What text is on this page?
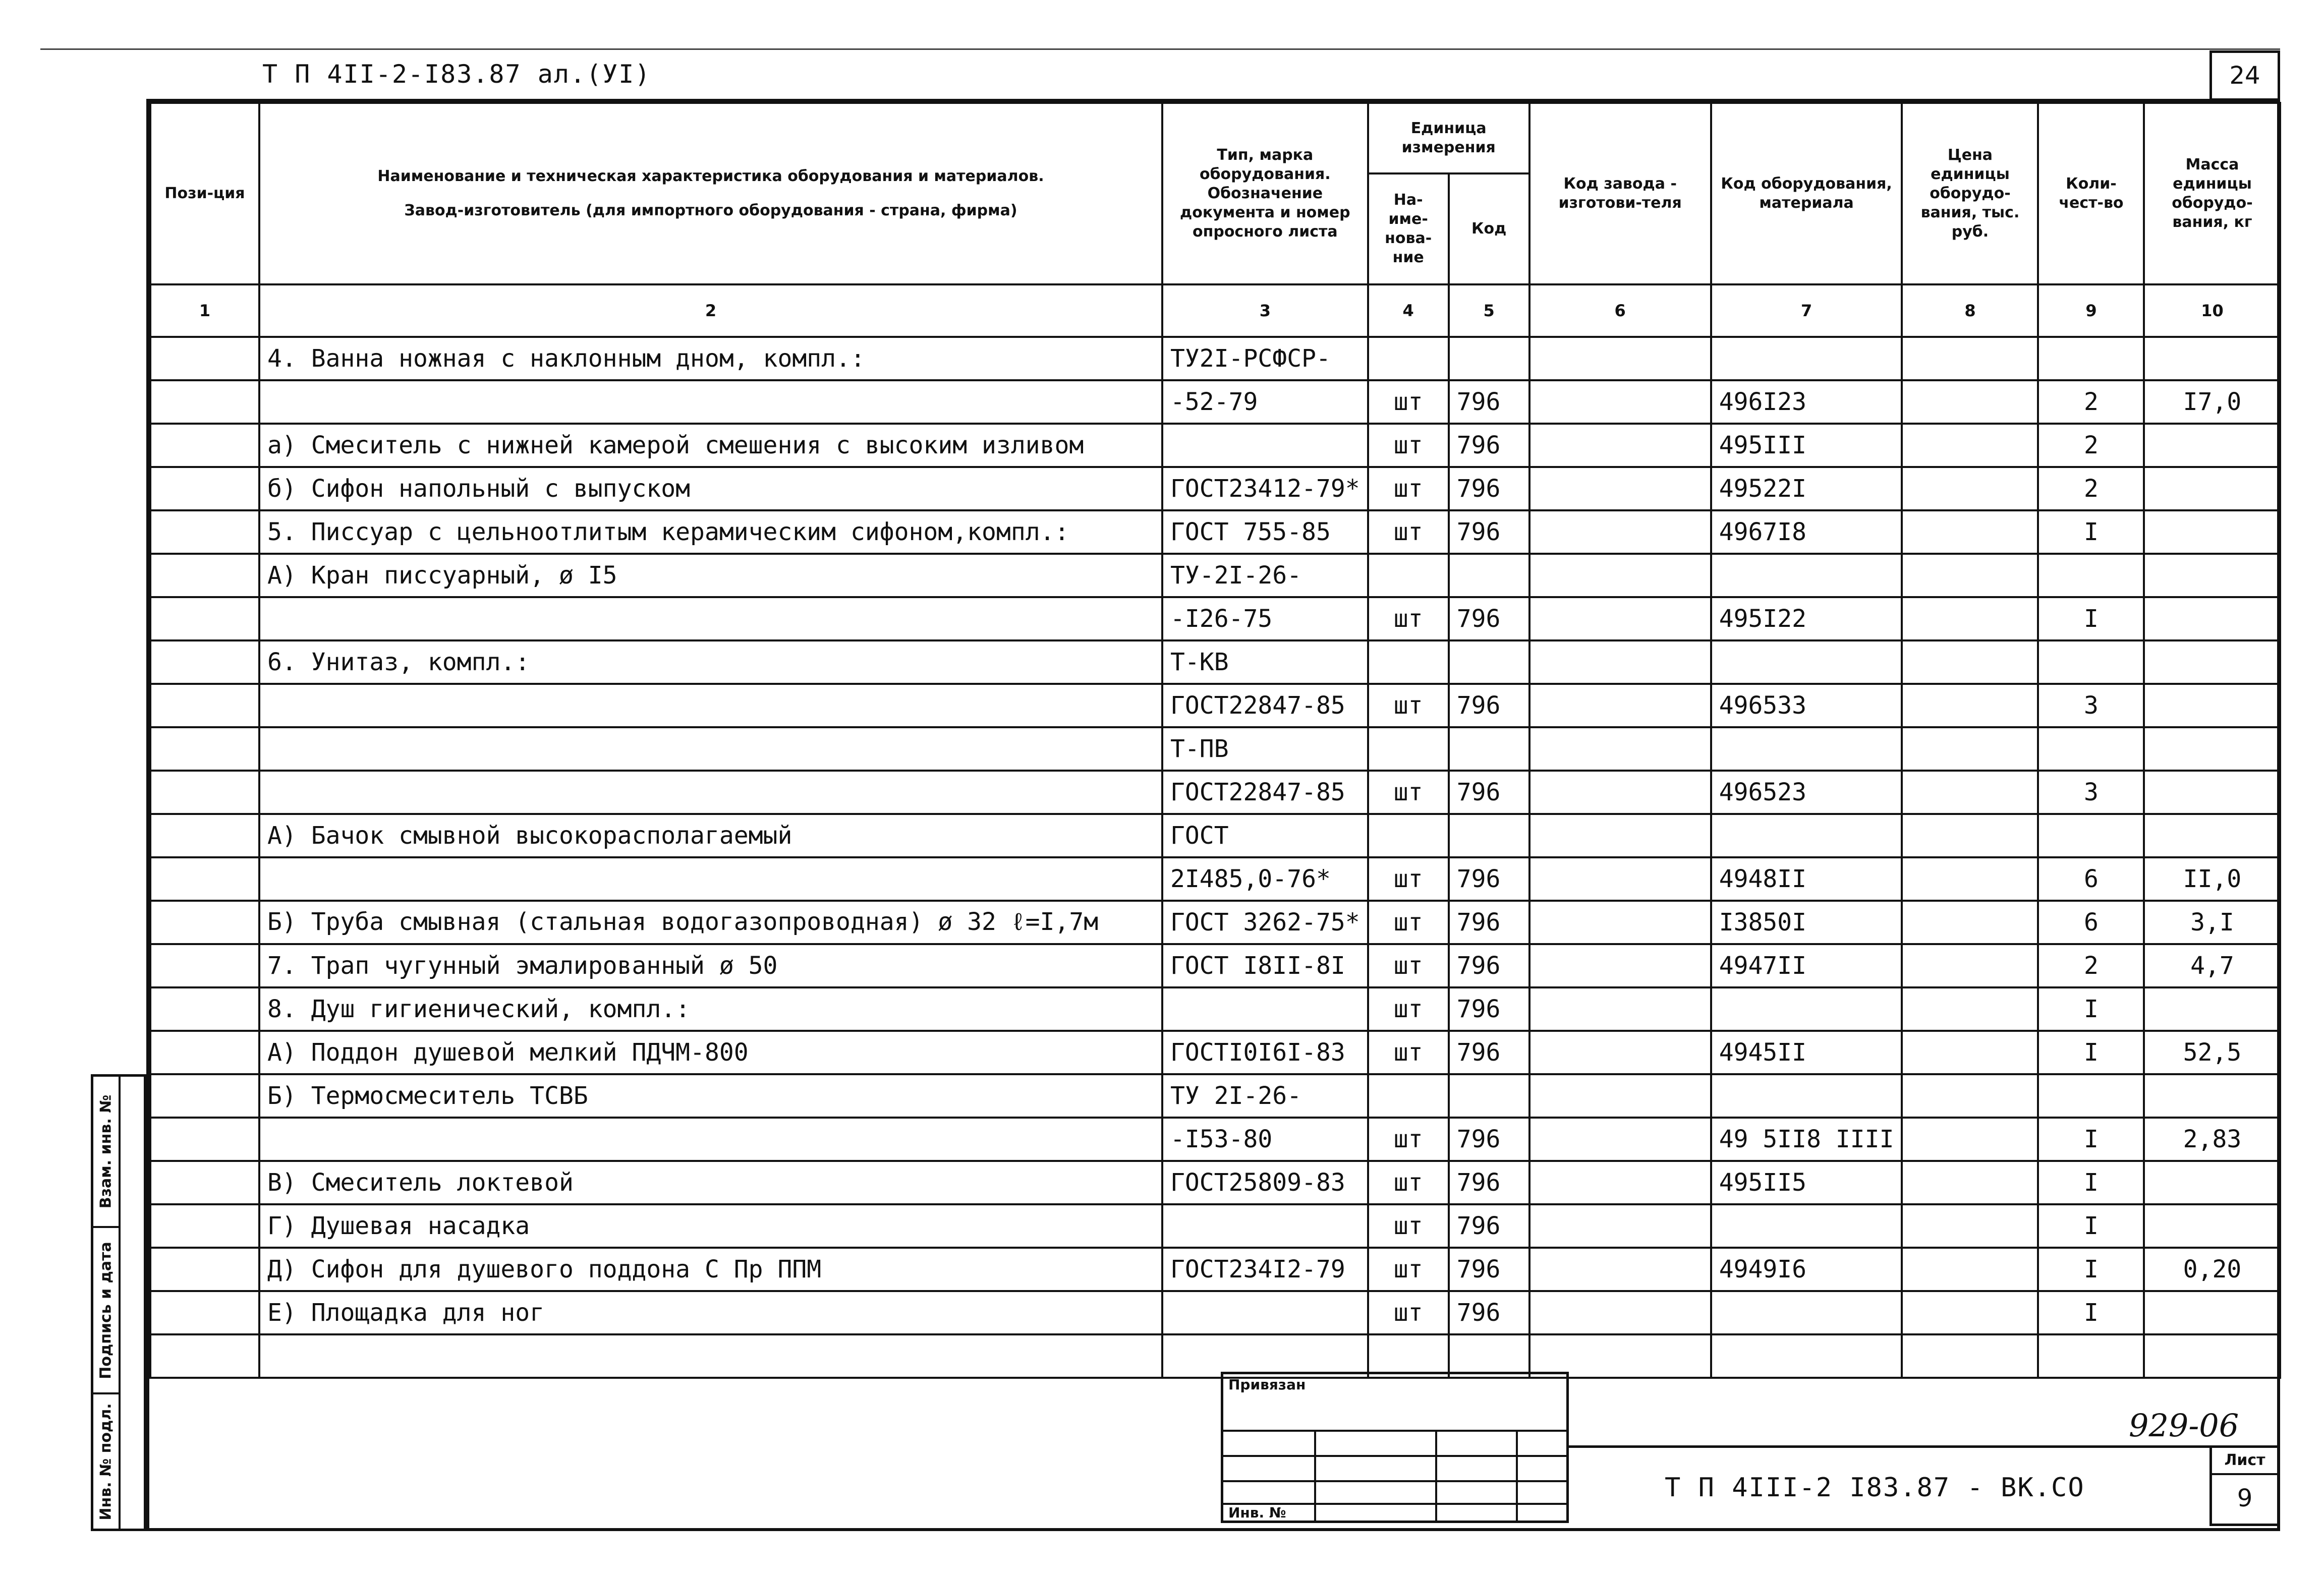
Т П 4II-2-I83.87 ал.(УI)	24
Пози-ция	Наименование и техническая характеристика оборудования и материалов.
Завод-изготовитель (для импортного оборудования - страна, фирма)	Тип, марка оборудования. Обозначение документа и номер опросного листа	Единица измерения		Код завода - изготови-теля	Код оборудования, материала	Цена единицы оборудо-вания, тыс. руб.	Коли-чест-во	Масса единицы оборудо-вания, кг
			На-име-нова-ние	Код					
1	2	3	4	5	6	7	8	9	10
	4. Ванна ножная с наклонным дном, компл.:	ТУ2I-РСФСР-							
		-52-79	шт	796		496I23		2	I7,0
	а) Смеситель с нижней камерой смешения с высоким изливом		шт	796		495III		2	
	б) Сифон напольный с выпуском	ГОСТ23412-79*	шт	796		49522I		2	
	5. Писсуар с цельноотлитым керамическим сифоном,компл.:	ГОСТ 755-85	шт	796		4967I8		I	
	А) Кран писсуарный, ø I5	ТУ-2I-26-							
		-I26-75	шт	796		495I22		I	
	6. Унитаз, компл.:	Т-КВ							
		ГОСТ22847-85	шт	796		496533		3	
		Т-ПВ							
		ГОСТ22847-85	шт	796		496523		3	
	А) Бачок смывной высокорасполагаемый	ГОСТ							
		2I485,0-76*	шт	796		4948II		6	II,0
	Б) Труба смывная (стальная водогазопроводная) ø 32 ℓ=I,7м	ГОСТ 3262-75*	шт	796		I3850I		6	3,I
	7. Трап чугунный эмалированный ø 50	ГОСТ I8II-8I	шт	796		4947II		2	4,7
	8. Душ гигиенический, компл.:		шт	796				I	
	А) Поддон душевой мелкий ПДЧМ-800	ГОСТI0I6I-83	шт	796		4945II		I	52,5
	Б) Термосмеситель ТСВБ	ТУ 2I-26-							
		-I53-80	шт	796		49 5II8 IIII		I	2,83
	В) Смеситель локтевой	ГОСТ25809-83	шт	796		495II5		I	
	Г) Душевая насадка		шт	796				I	
	Д) Сифон для душевого поддона С Пр ППМ	ГОСТ234I2-79	шт	796		4949I6		I	0,20
	Е) Площадка для ног		шт	796				I	

Взам. инв. №
Подпись и дата
Инв. № подл.
Привязан
Инв. №
929-06
Т П 4III-2 I83.87 - ВК.СО
Лист
9
